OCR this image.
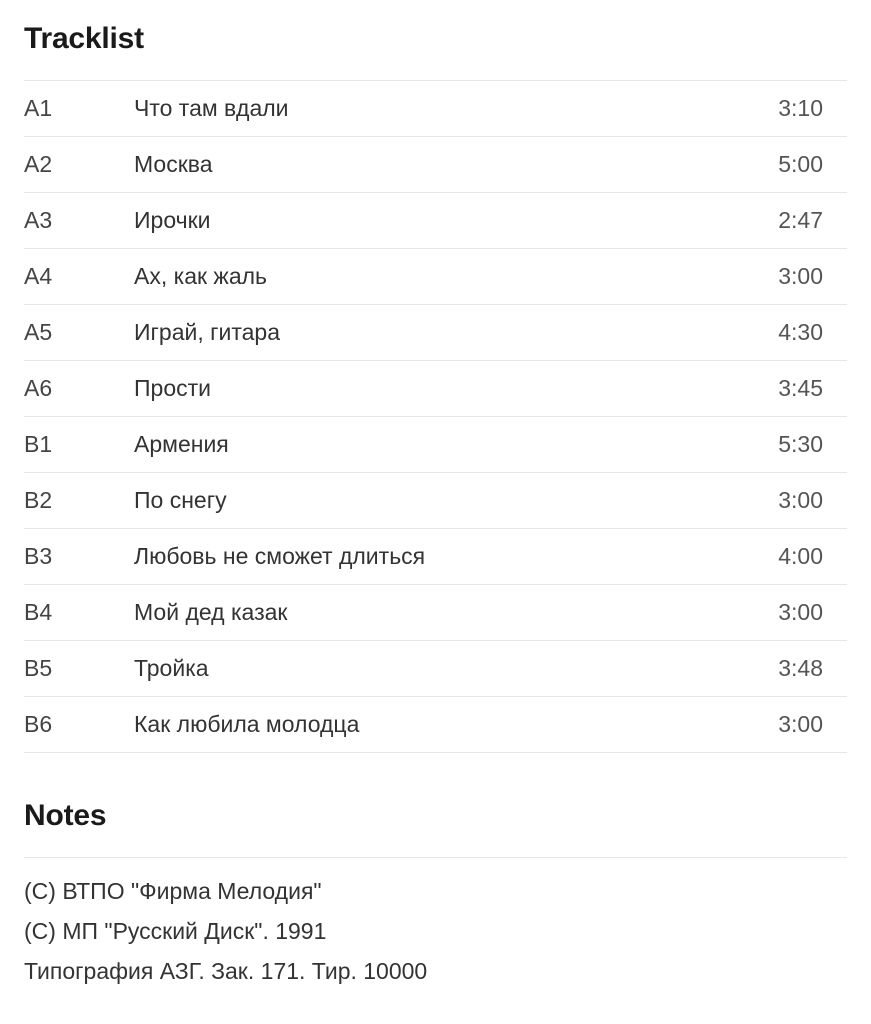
Tracklist
A1	Что там вдали	3:10
A2	Москва	5:00
A3	Ирочки	2:47
A4	Ах, как жаль	3:00
A5	Играй, гитара	4:30
A6	Прости	3:45
B1	Армения	5:30
B2	По снегу	3:00
B3	Любовь не сможет длиться	4:00
B4	Мой дед казак	3:00
B5	Тройка	3:48
B6	Как любила молодца	3:00
Notes
(C) ВТПО "Фирма Мелодия"
(C) МП "Русский Диск". 1991
Типография АЗГ. Зак. 171. Тир. 10000
